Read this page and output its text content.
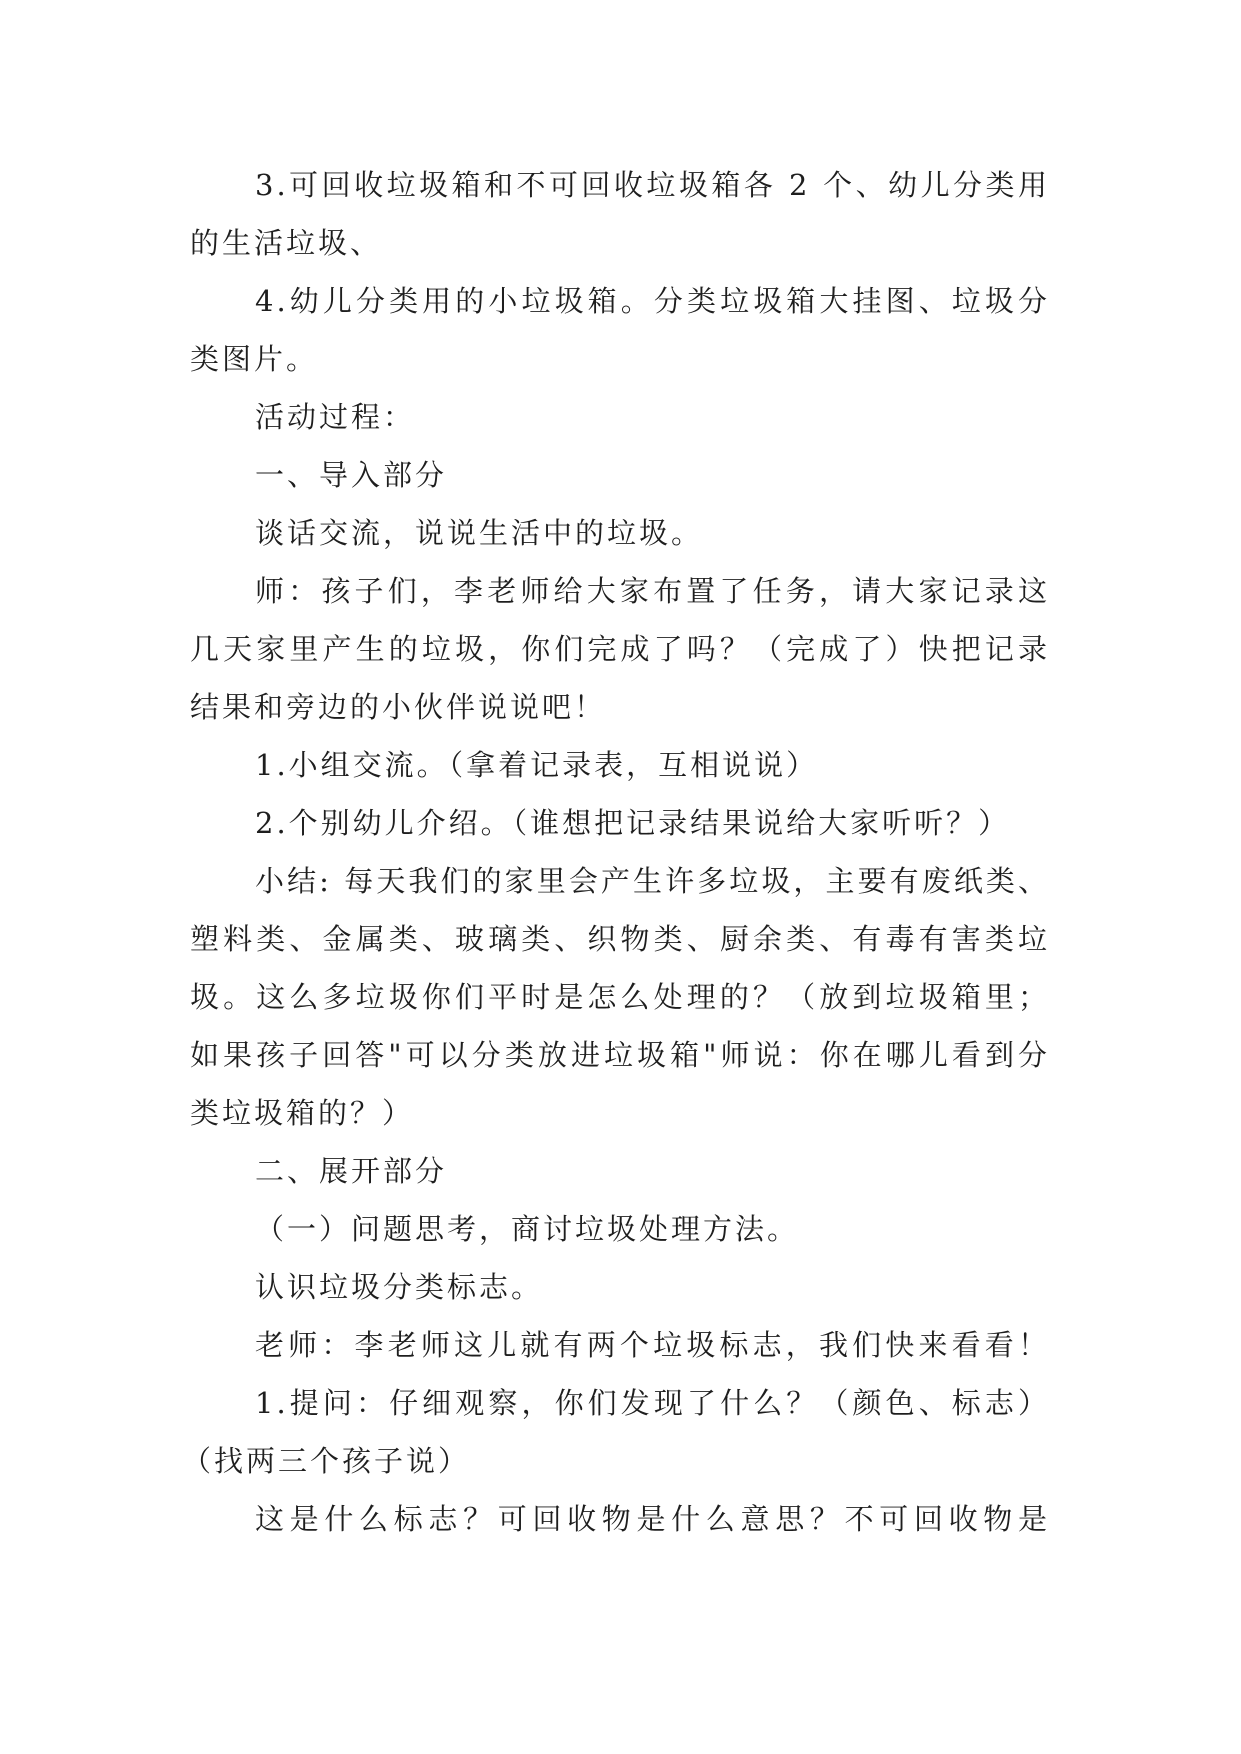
3.可回收垃圾箱和不可回收垃圾箱各 2 个、幼儿分类用
的生活垃圾、
4.幼儿分类用的小垃圾箱。分类垃圾箱大挂图、垃圾分
类图片。
活动过程：
一、导入部分
谈话交流，说说生活中的垃圾。
师：孩子们，李老师给大家布置了任务，请大家记录这
几天家里产生的垃圾，你们完成了吗？（完成了）快把记录
结果和旁边的小伙伴说说吧！
1.小组交流。（拿着记录表，互相说说）
2.个别幼儿介绍。（谁想把记录结果说给大家听听？）
小结: 每天我们的家里会产生许多垃圾，主要有废纸类、
塑料类、金属类、玻璃类、织物类、厨余类、有毒有害类垃
圾。这么多垃圾你们平时是怎么处理的？（放到垃圾箱里；
如果孩子回答"可以分类放进垃圾箱"师说：你在哪儿看到分
类垃圾箱的？）
二、展开部分
（一）问题思考，商讨垃圾处理方法。
认识垃圾分类标志。
老师：李老师这儿就有两个垃圾标志，我们快来看看！
1.提问：仔细观察，你们发现了什么？（颜色、标志）
（找两三个孩子说）
这是什么标志？可回收物是什么意思？不可回收物是
